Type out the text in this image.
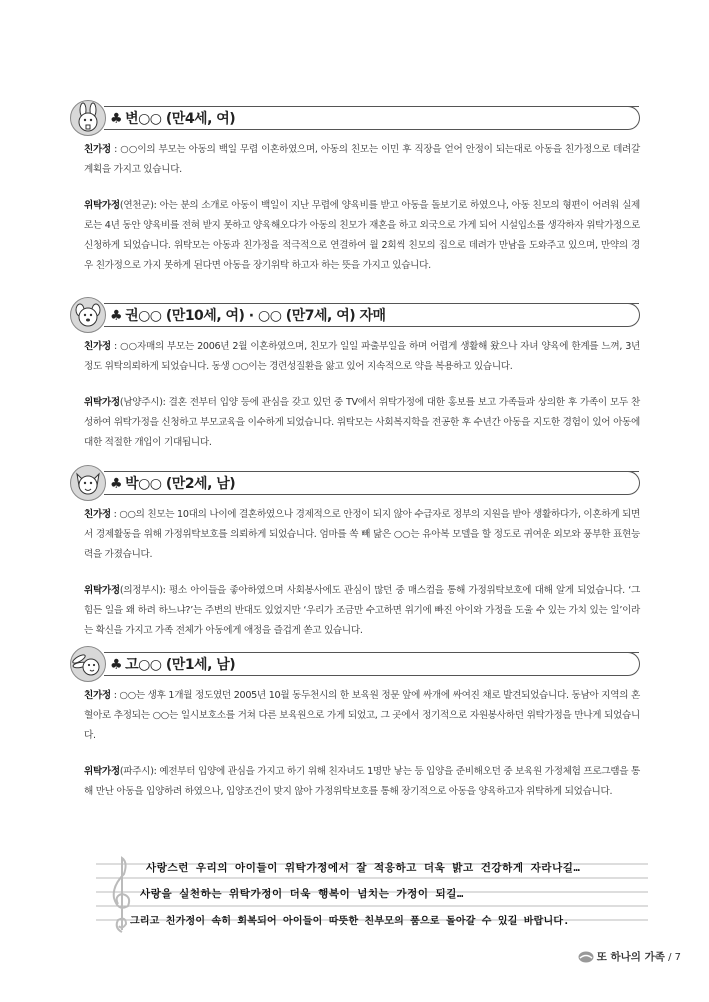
♣ 변○○ (만4세, 여)

친가정 : ○○이의 부모는 아동의 백일 무렵 이혼하였으며, 아동의 친모는 이민 후 직장을 얻어 안정이 되는대로 아동을 친가정으로 데려갈 계획을 가지고 있습니다.

위탁가정(연천군): 아는 분의 소개로 아동이 백일이 지난 무렵에 양육비를 받고 아동을 돌보기로 하였으나, 아동 친모의 형편이 어려워 실제로는 4년 동안 양육비를 전혀 받지 못하고 양육해오다가 아동의 친모가 재혼을 하고 외국으로 가게 되어 시설입소를 생각하자 위탁가정으로 신청하게 되었습니다. 위탁모는 아동과 친가정을 적극적으로 연결하여 월 2회씩 친모의 집으로 데려가 만남을 도와주고 있으며, 만약의 경우 친가정으로 가지 못하게 된다면 아동을 장기위탁 하고자 하는 뜻을 가지고 있습니다.

♣ 권○○ (만10세, 여) · ○○ (만7세, 여) 자매

친가정 : ○○자매의 부모는 2006년 2월 이혼하였으며, 친모가 일일 파출부일을 하며 어렵게 생활해 왔으나 자녀 양육에 한계를 느껴, 3년 정도 위탁의뢰하게 되었습니다. 동생 ○○이는 경련성질환을 앓고 있어 지속적으로 약을 복용하고 있습니다.

위탁가정(남양주시): 결혼 전부터 입양 등에 관심을 갖고 있던 중 TV에서 위탁가정에 대한 홍보를 보고 가족들과 상의한 후 가족이 모두 찬성하여 위탁가정을 신청하고 부모교육을 이수하게 되었습니다. 위탁모는 사회복지학을 전공한 후 수년간 아동을 지도한 경험이 있어 아동에 대한 적절한 개입이 기대됩니다.

♣ 박○○ (만2세, 남)

친가정 : ○○의 친모는 10대의 나이에 결혼하였으나 경제적으로 안정이 되지 않아 수급자로 정부의 지원을 받아 생활하다가, 이혼하게 되면서 경제활동을 위해 가정위탁보호를 의뢰하게 되었습니다. 엄마를 쏙 빼 닮은 ○○는 유아복 모델을 할 정도로 귀여운 외모와 풍부한 표현능력을 가졌습니다.

위탁가정(의정부시): 평소 아이들을 좋아하였으며 사회봉사에도 관심이 많던 중 매스컴을 통해 가정위탁보호에 대해 알게 되었습니다. ‘그 힘든 일을 왜 하려 하느냐?’는 주변의 반대도 있었지만 ‘우리가 조금만 수고하면 위기에 빠진 아이와 가정을 도울 수 있는 가치 있는 일’이라는 확신을 가지고 가족 전체가 아동에게 애정을 즐겁게 쏟고 있습니다.

♣ 고○○ (만1세, 남)

친가정 : ○○는 생후 1개월 정도였던 2005년 10월 동두천시의 한 보육원 정문 앞에 싸개에 싸여진 채로 발견되었습니다. 동남아 지역의 혼혈아로 추정되는 ○○는 일시보호소를 거쳐 다른 보육원으로 가게 되었고, 그 곳에서 정기적으로 자원봉사하던 위탁가정을 만나게 되었습니다.

위탁가정(파주시): 예전부터 입양에 관심을 가지고 하기 위해 친자녀도 1명만 낳는 등 입양을 준비해오던 중 보육원 가정체험 프로그램을 통해 만난 아동을 입양하려 하였으나, 입양조건이 맞지 않아 가정위탁보호를 통해 장기적으로 아동을 양육하고자 위탁하게 되었습니다.

사랑스런 우리의 아이들이 위탁가정에서 잘 적응하고 더욱 밝고 건강하게 자라나길…
사랑을 실천하는 위탁가정이 더욱 행복이 넘치는 가정이 되길…
그리고 친가정이 속히 회복되어 아이들이 따뜻한 친부모의 품으로 돌아갈 수 있길 바랍니다.
또 하나의 가족 / 7
